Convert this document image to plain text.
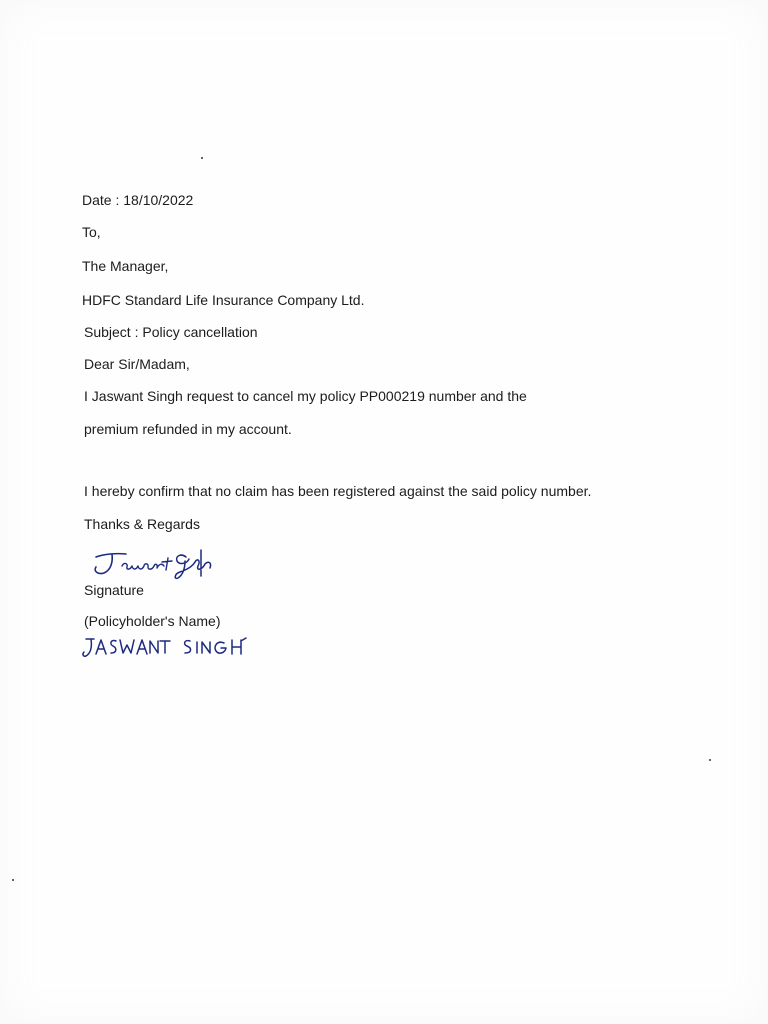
Date : 18/10/2022
To,
The Manager,
HDFC Standard Life Insurance Company Ltd.
Subject : Policy cancellation
Dear Sir/Madam,
I Jaswant Singh request to cancel my policy PP000219 number and the
premium refunded in my account.
I hereby confirm that no claim has been registered against the said policy number.
Thanks & Regards
Signature
(Policyholder's Name)
